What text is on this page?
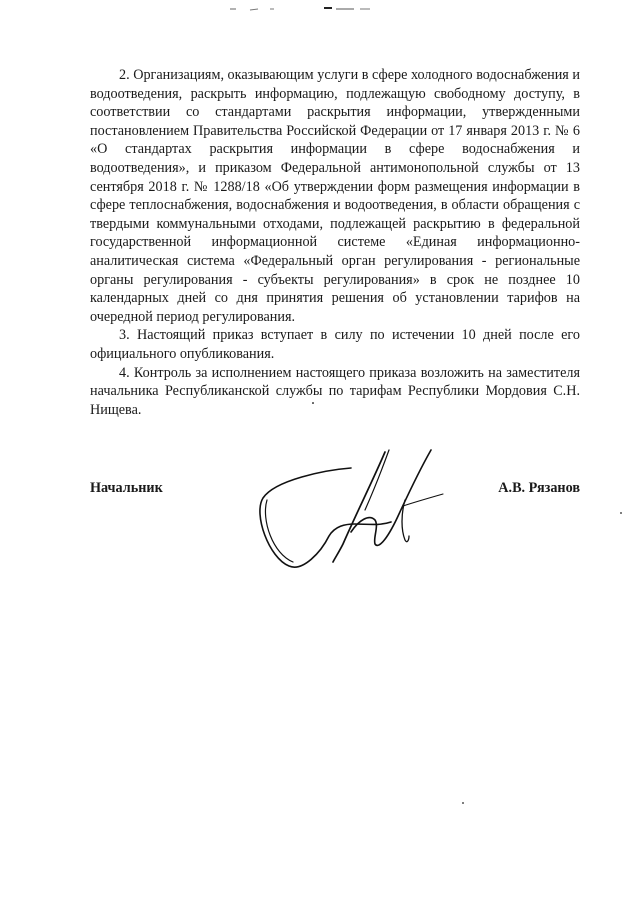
2. Организациям, оказывающим услуги в сфере холодного водоснабжения и водоотведения, раскрыть информацию, подлежащую свободному доступу, в соответствии со стандартами раскрытия информации, утвержденными постановлением Правительства Российской Федерации от 17 января 2013 г. № 6 «О стандартах раскрытия информации в сфере водоснабжения и водоотведения», и приказом Федеральной антимонопольной службы от 13 сентября 2018 г. № 1288/18 «Об утверждении форм размещения информации в сфере теплоснабжения, водоснабжения и водоотведения, в области обращения с твердыми коммунальными отходами, подлежащей раскрытию в федеральной государственной информационной системе «Единая информационно-аналитическая система «Федеральный орган регулирования - региональные органы регулирования - субъекты регулирования» в срок не позднее 10 календарных дней со дня принятия решения об установлении тарифов на очередной период регулирования.

3. Настоящий приказ вступает в силу по истечении 10 дней после его официального опубликования.

4. Контроль за исполнением настоящего приказа возложить на заместителя начальника Республиканской службы по тарифам Республики Мордовия С.Н. Нищева.

Начальник	А.В. Рязанов
